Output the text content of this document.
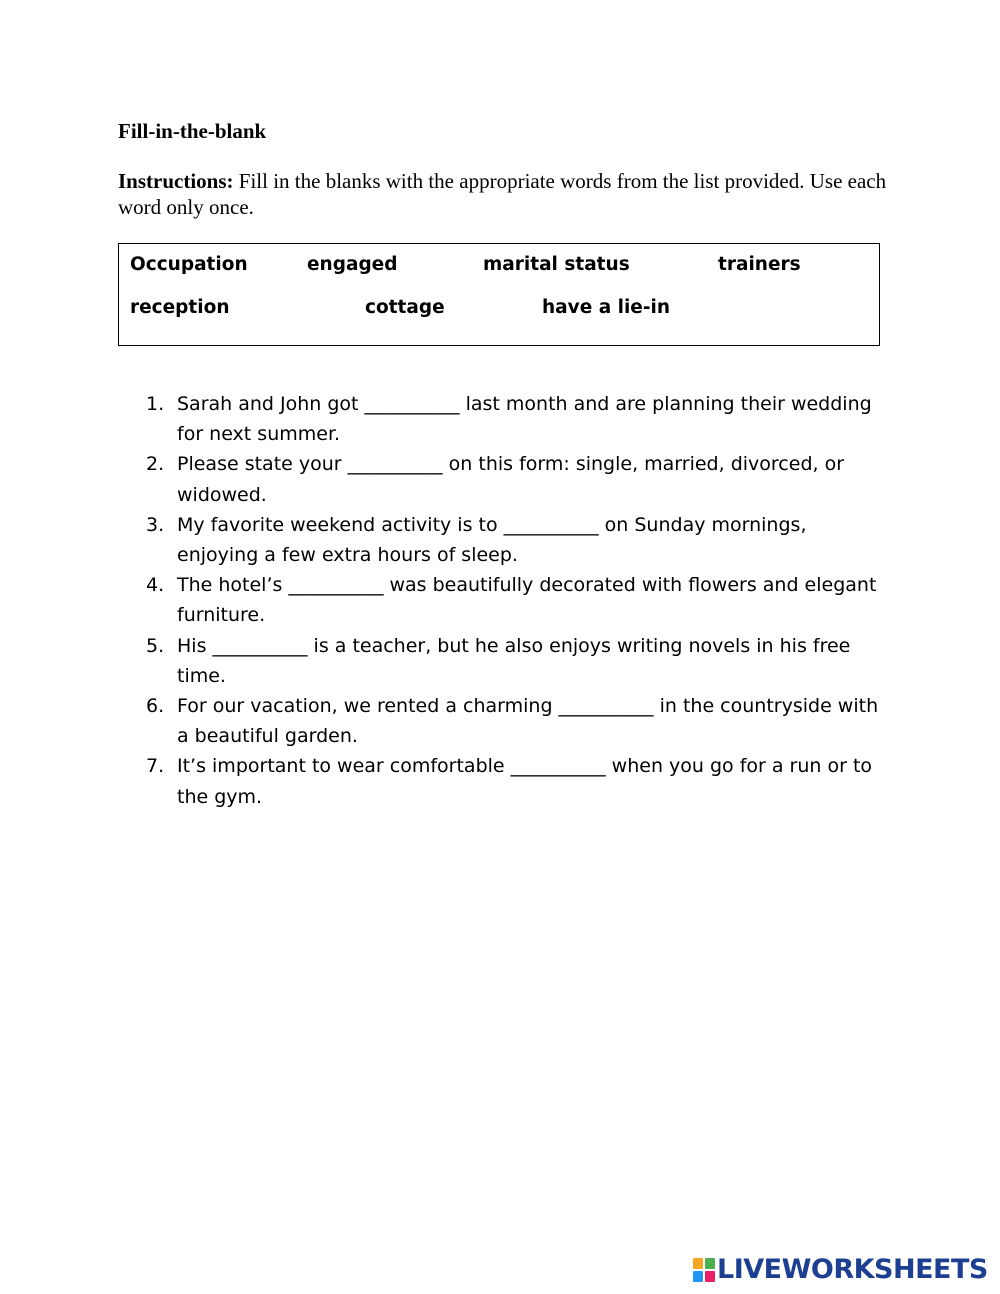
Fill-in-the-blank
Instructions: Fill in the blanks with the appropriate words from the list provided. Use each word only once.
Occupation	engaged	marital status	trainers
reception	cottage	have a lie-in
1. Sarah and John got __________ last month and are planning their wedding for next summer.
2. Please state your __________ on this form: single, married, divorced, or widowed.
3. My favorite weekend activity is to __________ on Sunday mornings, enjoying a few extra hours of sleep.
4. The hotel’s __________ was beautifully decorated with flowers and elegant furniture.
5. His __________ is a teacher, but he also enjoys writing novels in his free time.
6. For our vacation, we rented a charming __________ in the countryside with a beautiful garden.
7. It’s important to wear comfortable __________ when you go for a run or to the gym.
LIVEWORKSHEETS
